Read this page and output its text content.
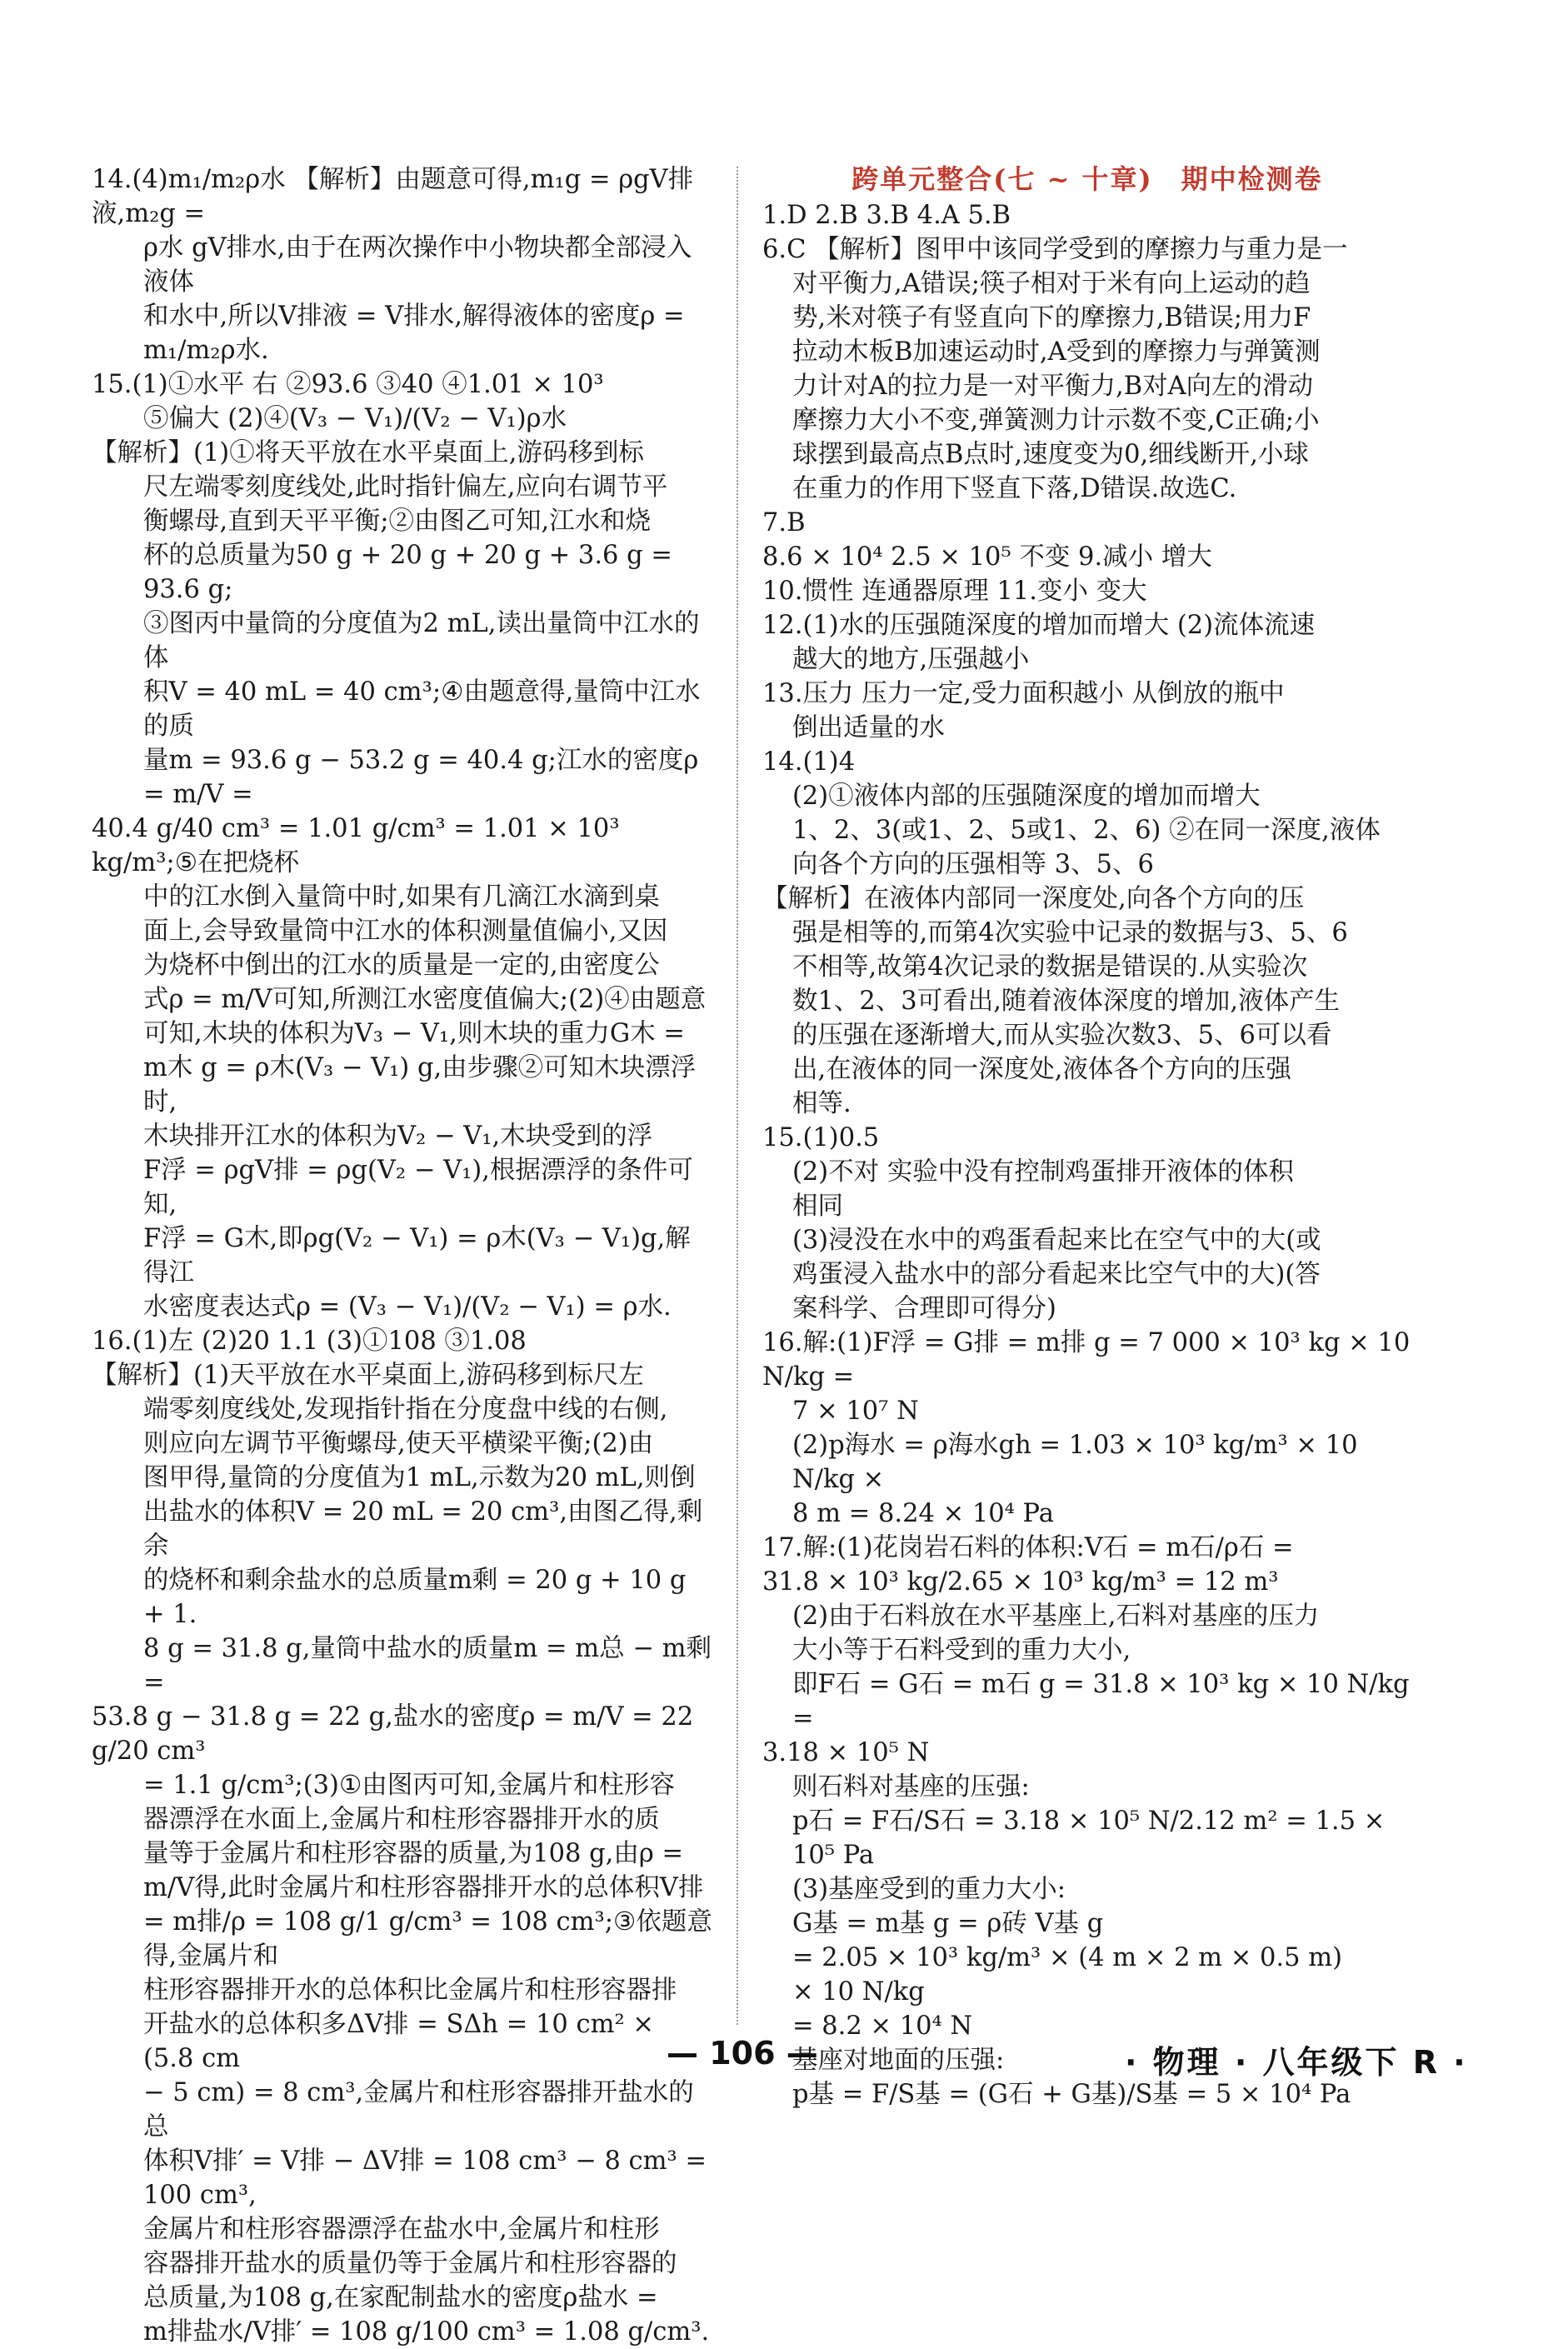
14.(4)m₁/m₂ρ水 【解析】由题意可得,m₁g = ρgV排液,m₂g =
ρ水 gV排水,由于在两次操作中小物块都全部浸入液体
和水中,所以V排液 = V排水,解得液体的密度ρ = m₁/m₂ρ水.
15.(1)①水平 右 ②93.6 ③40 ④1.01 × 10³
⑤偏大 (2)④(V₃ − V₁)/(V₂ − V₁)ρ水
【解析】(1)①将天平放在水平桌面上,游码移到标
尺左端零刻度线处,此时指针偏左,应向右调节平
衡螺母,直到天平平衡;②由图乙可知,江水和烧
杯的总质量为50 g + 20 g + 20 g + 3.6 g = 93.6 g;
③图丙中量筒的分度值为2 mL,读出量筒中江水的体
积V = 40 mL = 40 cm³;④由题意得,量筒中江水的质
量m = 93.6 g − 53.2 g = 40.4 g;江水的密度ρ = m/V =
40.4 g/40 cm³ = 1.01 g/cm³ = 1.01 × 10³ kg/m³;⑤在把烧杯
中的江水倒入量筒中时,如果有几滴江水滴到桌
面上,会导致量筒中江水的体积测量值偏小,又因
为烧杯中倒出的江水的质量是一定的,由密度公
式ρ = m/V可知,所测江水密度值偏大;(2)④由题意
可知,木块的体积为V₃ − V₁,则木块的重力G木 =
m木 g = ρ木(V₃ − V₁) g,由步骤②可知木块漂浮时,
木块排开江水的体积为V₂ − V₁,木块受到的浮
F浮 = ρgV排 = ρg(V₂ − V₁),根据漂浮的条件可知,
F浮 = G木,即ρg(V₂ − V₁) = ρ木(V₃ − V₁)g,解得江
水密度表达式ρ = (V₃ − V₁)/(V₂ − V₁) = ρ水.
16.(1)左 (2)20 1.1 (3)①108 ③1.08
【解析】(1)天平放在水平桌面上,游码移到标尺左
端零刻度线处,发现指针指在分度盘中线的右侧,
则应向左调节平衡螺母,使天平横梁平衡;(2)由
图甲得,量筒的分度值为1 mL,示数为20 mL,则倒
出盐水的体积V = 20 mL = 20 cm³,由图乙得,剩余
的烧杯和剩余盐水的总质量m剩 = 20 g + 10 g + 1.
8 g = 31.8 g,量筒中盐水的质量m = m总 − m剩 =
53.8 g − 31.8 g = 22 g,盐水的密度ρ = m/V = 22 g/20 cm³
= 1.1 g/cm³;(3)①由图丙可知,金属片和柱形容
器漂浮在水面上,金属片和柱形容器排开水的质
量等于金属片和柱形容器的质量,为108 g,由ρ =
m/V得,此时金属片和柱形容器排开水的总体积V排
= m排/ρ = 108 g/1 g/cm³ = 108 cm³;③依题意得,金属片和
柱形容器排开水的总体积比金属片和柱形容器排
开盐水的总体积多ΔV排 = SΔh = 10 cm² × (5.8 cm
− 5 cm) = 8 cm³,金属片和柱形容器排开盐水的总
体积V排′ = V排 − ΔV排 = 108 cm³ − 8 cm³ = 100 cm³,
金属片和柱形容器漂浮在盐水中,金属片和柱形
容器排开盐水的质量仍等于金属片和柱形容器的
总质量,为108 g,在家配制盐水的密度ρ盐水 =
m排盐水/V排′ = 108 g/100 cm³ = 1.08 g/cm³.
跨单元整合(七 ~ 十章)　期中检测卷
1.D 2.B 3.B 4.A 5.B
6.C 【解析】图甲中该同学受到的摩擦力与重力是一
对平衡力,A错误;筷子相对于米有向上运动的趋
势,米对筷子有竖直向下的摩擦力,B错误;用力F
拉动木板B加速运动时,A受到的摩擦力与弹簧测
力计对A的拉力是一对平衡力,B对A向左的滑动
摩擦力大小不变,弹簧测力计示数不变,C正确;小
球摆到最高点B点时,速度变为0,细线断开,小球
在重力的作用下竖直下落,D错误.故选C.
7.B
8.6 × 10⁴ 2.5 × 10⁵ 不变 9.减小 增大
10.惯性 连通器原理 11.变小 变大
12.(1)水的压强随深度的增加而增大 (2)流体流速
越大的地方,压强越小
13.压力 压力一定,受力面积越小 从倒放的瓶中
倒出适量的水
14.(1)4
(2)①液体内部的压强随深度的增加而增大
1、2、3(或1、2、5或1、2、6) ②在同一深度,液体
向各个方向的压强相等 3、5、6
【解析】在液体内部同一深度处,向各个方向的压
强是相等的,而第4次实验中记录的数据与3、5、6
不相等,故第4次记录的数据是错误的.从实验次
数1、2、3可看出,随着液体深度的增加,液体产生
的压强在逐渐增大,而从实验次数3、5、6可以看
出,在液体的同一深度处,液体各个方向的压强
相等.
15.(1)0.5
(2)不对 实验中没有控制鸡蛋排开液体的体积
相同
(3)浸没在水中的鸡蛋看起来比在空气中的大(或
鸡蛋浸入盐水中的部分看起来比空气中的大)(答
案科学、合理即可得分)
16.解:(1)F浮 = G排 = m排 g = 7 000 × 10³ kg × 10 N/kg =
7 × 10⁷ N
(2)p海水 = ρ海水gh = 1.03 × 10³ kg/m³ × 10 N/kg ×
8 m = 8.24 × 10⁴ Pa
17.解:(1)花岗岩石料的体积:V石 = m石/ρ石 =
31.8 × 10³ kg/2.65 × 10³ kg/m³ = 12 m³
(2)由于石料放在水平基座上,石料对基座的压力
大小等于石料受到的重力大小,
即F石 = G石 = m石 g = 31.8 × 10³ kg × 10 N/kg =
3.18 × 10⁵ N
则石料对基座的压强:
p石 = F石/S石 = 3.18 × 10⁵ N/2.12 m² = 1.5 × 10⁵ Pa
(3)基座受到的重力大小:
G基 = m基 g = ρ砖 V基 g
= 2.05 × 10³ kg/m³ × (4 m × 2 m × 0.5 m)
× 10 N/kg
= 8.2 × 10⁴ N
基座对地面的压强:
p基 = F/S基 = (G石 + G基)/S基 = 5 × 10⁴ Pa
— 106 —	· 物理 · 八年级下 R ·
